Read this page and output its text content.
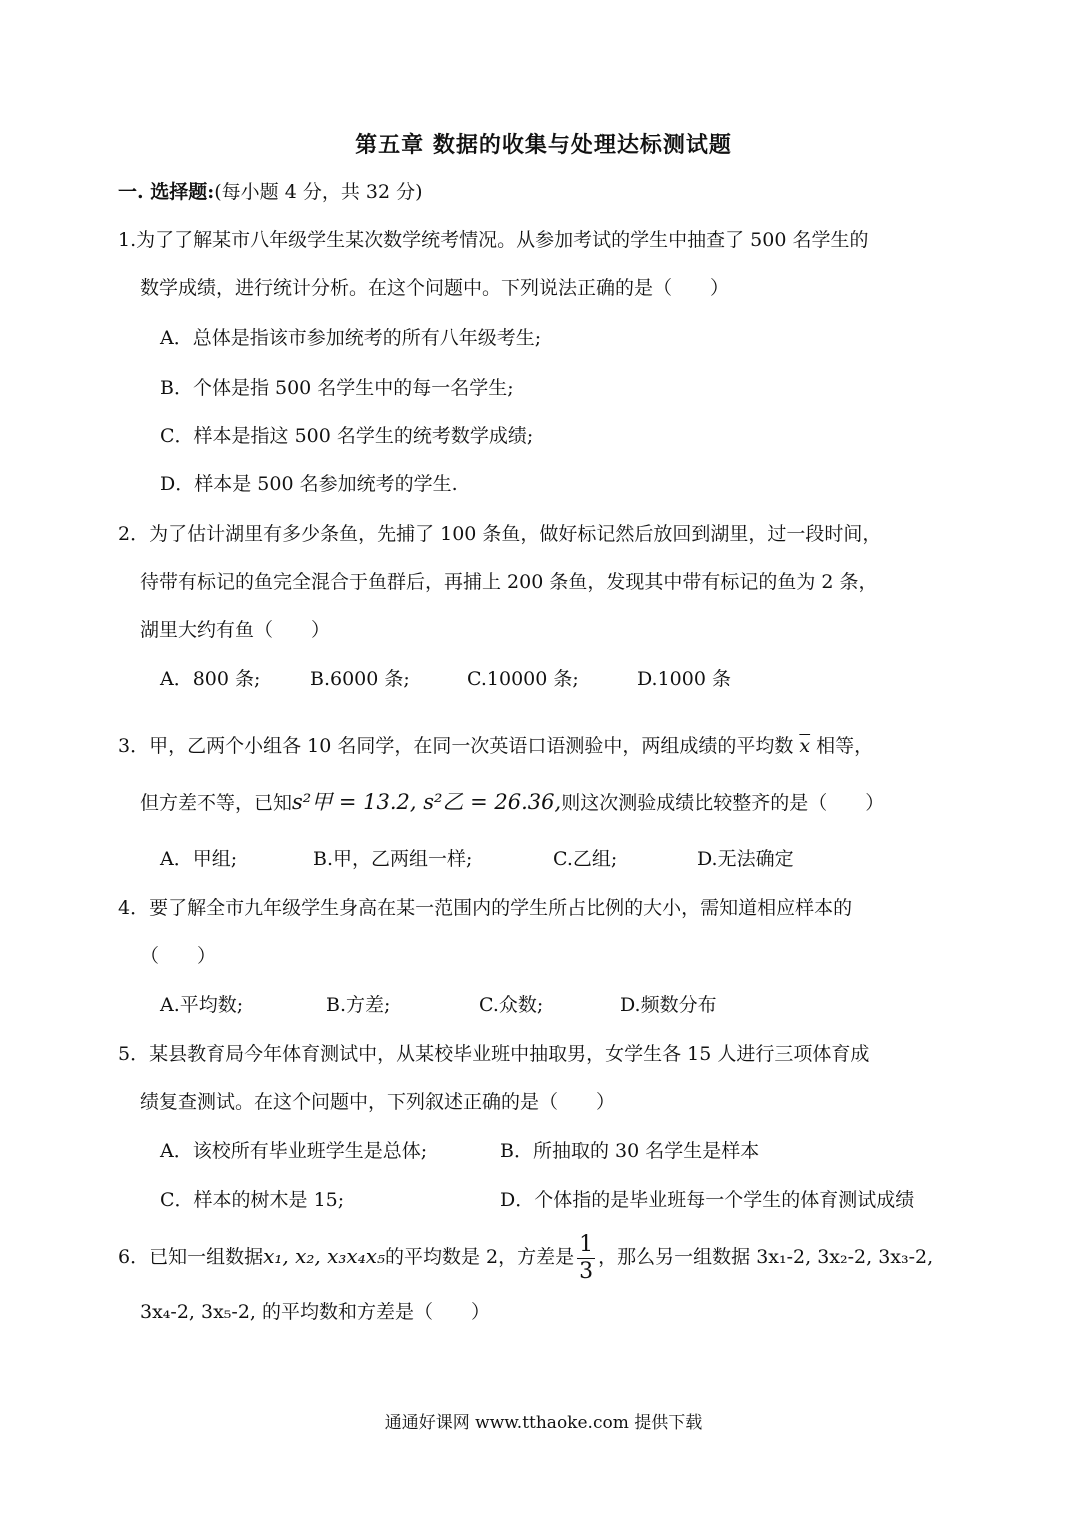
第五章 数据的收集与处理达标测试题
一. 选择题:(每小题 4 分，共 32 分)
1.为了了解某市八年级学生某次数学统考情况。从参加考试的学生中抽查了 500 名学生的
数学成绩，进行统计分析。在这个问题中。下列说法正确的是（　　）
A．总体是指该市参加统考的所有八年级考生;
B．个体是指 500 名学生中的每一名学生;
C．样本是指这 500 名学生的统考数学成绩;
D．样本是 500 名参加统考的学生.
2．为了估计湖里有多少条鱼，先捕了 100 条鱼，做好标记然后放回到湖里，过一段时间，
待带有标记的鱼完全混合于鱼群后，再捕上 200 条鱼，发现其中带有标记的鱼为 2 条，
湖里大约有鱼（　　）
A．800 条;	B.6000 条;	C.10000 条;	D.1000 条
3．甲，乙两个小组各 10 名同学，在同一次英语口语测验中，两组成绩的平均数 $\overline{x}$ 相等，
但方差不等，已知s²甲 = 13.2, s²乙 = 26.36,则这次测验成绩比较整齐的是（　　）
A．甲组;	B.甲，乙两组一样;	C.乙组;	D.无法确定
4．要了解全市九年级学生身高在某一范围内的学生所占比例的大小，需知道相应样本的
（　　）
A.平均数;	B.方差;	C.众数;	D.频数分布
5．某县教育局今年体育测试中，从某校毕业班中抽取男，女学生各 15 人进行三项体育成
绩复查测试。在这个问题中，下列叙述正确的是（　　）
A．该校所有毕业班学生是总体;	B．所抽取的 30 名学生是样本
C．样本的树木是 15;	D．个体指的是毕业班每一个学生的体育测试成绩
6．已知一组数据x₁, x₂, x₃x₄x₅的平均数是 2，方差是 $\frac{1}{3}$ ，那么另一组数据 3x₁-2, 3x₂-2, 3x₃-2,
3x₄-2, 3x₅-2, 的平均数和方差是（　　）
通通好课网 www.tthaoke.com 提供下载
